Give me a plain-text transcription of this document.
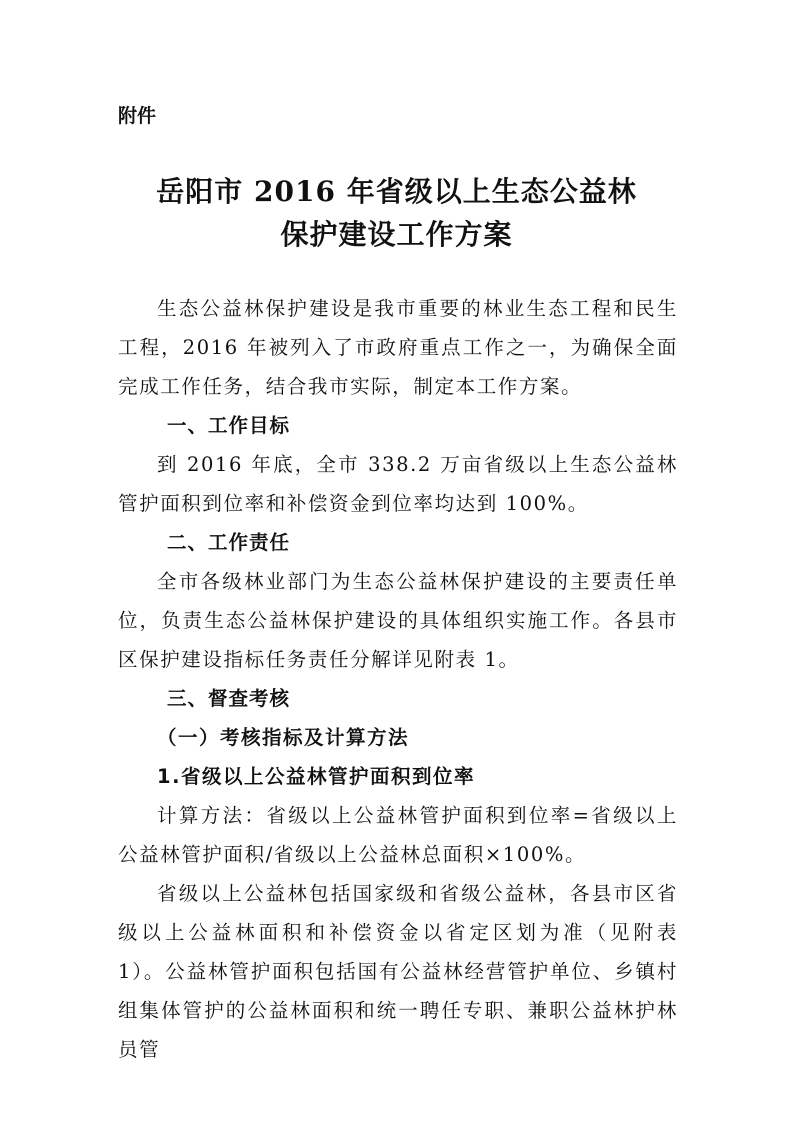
附件
岳阳市 2016 年省级以上生态公益林
保护建设工作方案

生态公益林保护建设是我市重要的林业生态工程和民生工程，2016 年被列入了市政府重点工作之一，为确保全面完成工作任务，结合我市实际，制定本工作方案。

一、工作目标

到 2016 年底，全市 338.2 万亩省级以上生态公益林管护面积到位率和补偿资金到位率均达到 100%。

二、工作责任

全市各级林业部门为生态公益林保护建设的主要责任单位，负责生态公益林保护建设的具体组织实施工作。各县市区保护建设指标任务责任分解详见附表 1。

三、督查考核

（一）考核指标及计算方法

1.省级以上公益林管护面积到位率

计算方法：省级以上公益林管护面积到位率=省级以上公益林管护面积/省级以上公益林总面积×100%。

省级以上公益林包括国家级和省级公益林，各县市区省级以上公益林面积和补偿资金以省定区划为准（见附表 1）。公益林管护面积包括国有公益林经营管护单位、乡镇村组集体管护的公益林面积和统一聘任专职、兼职公益林护林员管
